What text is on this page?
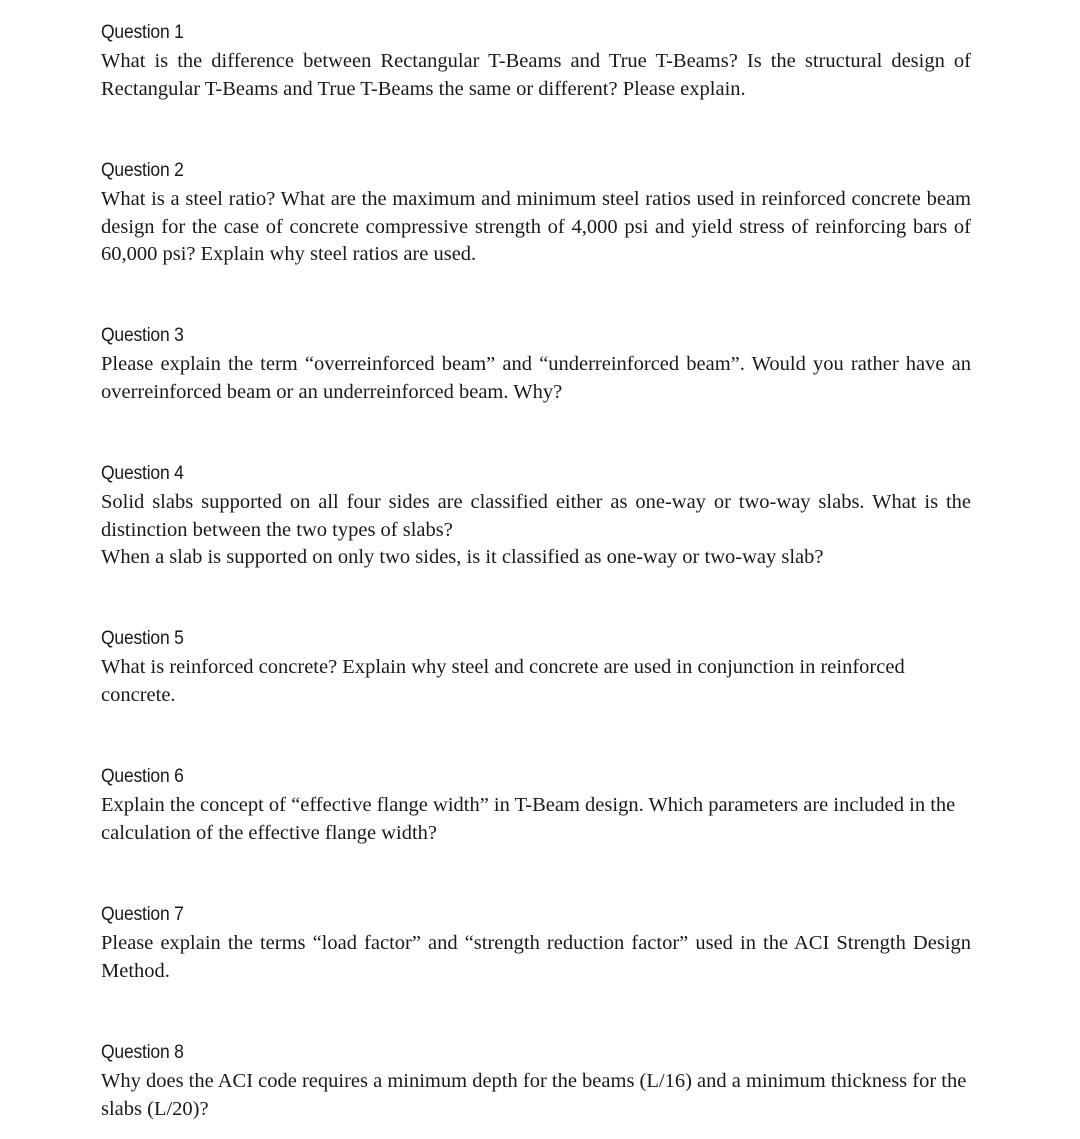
Question 1

What is the difference between Rectangular T-Beams and True T-Beams? Is the structural design of Rectangular T-Beams and True T-Beams the same or different? Please explain.

Question 2

What is a steel ratio? What are the maximum and minimum steel ratios used in reinforced concrete beam design for the case of concrete compressive strength of 4,000 psi and yield stress of reinforcing bars of 60,000 psi? Explain why steel ratios are used.

Question 3

Please explain the term “overreinforced beam” and “underreinforced beam”. Would you rather have an overreinforced beam or an underreinforced beam. Why?

Question 4

Solid slabs supported on all four sides are classified either as one-way or two-way slabs. What is the distinction between the two types of slabs?

When a slab is supported on only two sides, is it classified as one-way or two-way slab?

Question 5

What is reinforced concrete? Explain why steel and concrete are used in conjunction in reinforced concrete.

Question 6

Explain the concept of “effective flange width” in T-Beam design. Which parameters are included in the calculation of the effective flange width?

Question 7

Please explain the terms “load factor” and “strength reduction factor” used in the ACI Strength Design Method.

Question 8

Why does the ACI code requires a minimum depth for the beams (L/16) and a minimum thickness for the slabs (L/20)?
